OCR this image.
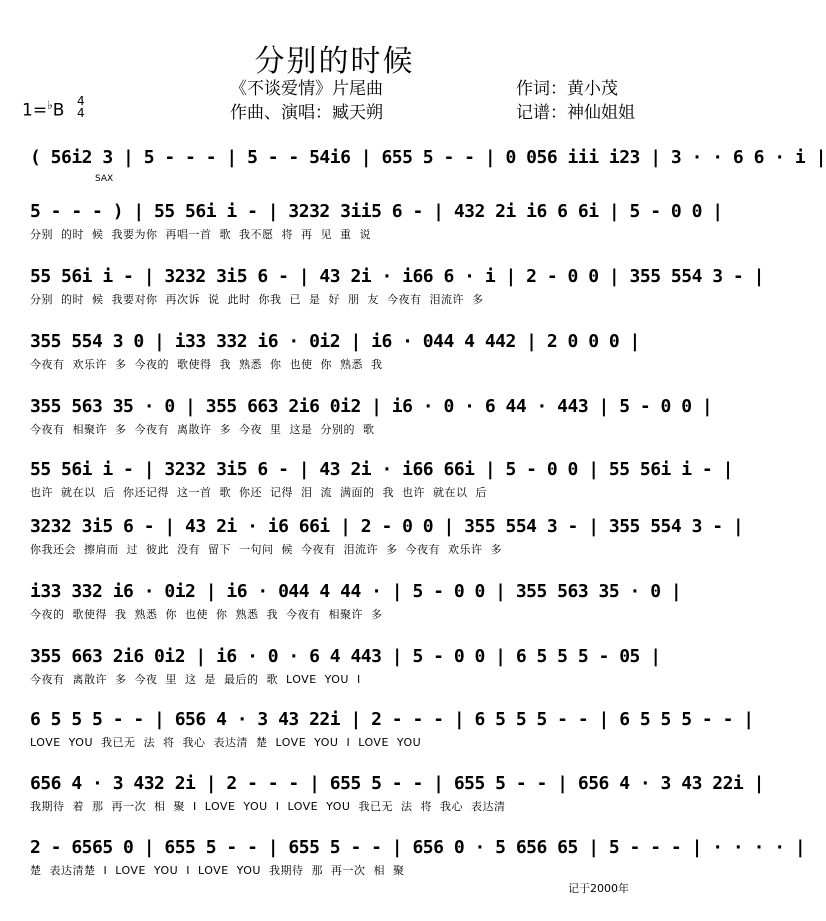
分别的时候
《不谈爱情》片尾曲
作曲、演唱：臧天朔
作词：黄小茂
记谱：神仙姐姐
1=♭B 4
4
( 56i2 3 | 5 - - - | 5 - - 54i6 | 655 5 - - | 0 056 iii i23 | 3 · · 6 6 · i |
SAX
5 - - - ) | 55 56i i - | 3232 3ii5 6 - | 432 2i i6 6 6i | 5 - 0 0 |
分别 的时 候 我要为你 再唱一首 歌 我不愿 将 再 见 重 说
55 56i i - | 3232 3i5 6 - | 43 2i · i66 6 · i | 2 - 0 0 | 355 554 3 - |
分别 的时 候 我要对你 再次诉 说 此时 你我 已 是 好 朋 友 今夜有 泪流许 多
355 554 3 0 | i33 332 i6 · 0i2 | i6 · 044 4 442 | 2 0 0 0 |
今夜有 欢乐许 多 今夜的 歌使得 我 熟悉 你 也使 你 熟悉 我
355 563 35 · 0 | 355 663 2i6 0i2 | i6 · 0 · 6 44 · 443 | 5 - 0 0 |
今夜有 相聚许 多 今夜有 离散许 多 今夜 里 这是 分别的 歌
55 56i i - | 3232 3i5 6 - | 43 2i · i66 66i | 5 - 0 0 | 55 56i i - |
也许 就在以 后 你还记得 这一首 歌 你还 记得 泪 流 满面的 我 也许 就在以 后
3232 3i5 6 - | 43 2i · i6 66i | 2 - 0 0 | 355 554 3 - | 355 554 3 - |
你我还会 擦肩而 过 彼此 没有 留下 一句问 候 今夜有 泪流许 多 今夜有 欢乐许 多
i33 332 i6 · 0i2 | i6 · 044 4 44 · | 5 - 0 0 | 355 563 35 · 0 |
今夜的 歌使得 我 熟悉 你 也使 你 熟悉 我 今夜有 相聚许 多
355 663 2i6 0i2 | i6 · 0 · 6 4 443 | 5 - 0 0 | 6 5 5 5 - 05 |
今夜有 离散许 多 今夜 里 这 是 最后的 歌 LOVE YOU I
6 5 5 5 - - | 656 4 · 3 43 22i | 2 - - - | 6 5 5 5 - - | 6 5 5 5 - - |
LOVE YOU 我已无 法 将 我心 表达清 楚 LOVE YOU I LOVE YOU
656 4 · 3 432 2i | 2 - - - | 655 5 - - | 655 5 - - | 656 4 · 3 43 22i |
我期待 着 那 再一次 相 聚 I LOVE YOU I LOVE YOU 我已无 法 将 我心 表达清
2 - 6565 0 | 655 5 - - | 655 5 - - | 656 0 · 5 656 65 | 5 - - - | · · · · |
楚 表达清楚 I LOVE YOU I LOVE YOU 我期待 那 再一次 相 聚
记于2000年
